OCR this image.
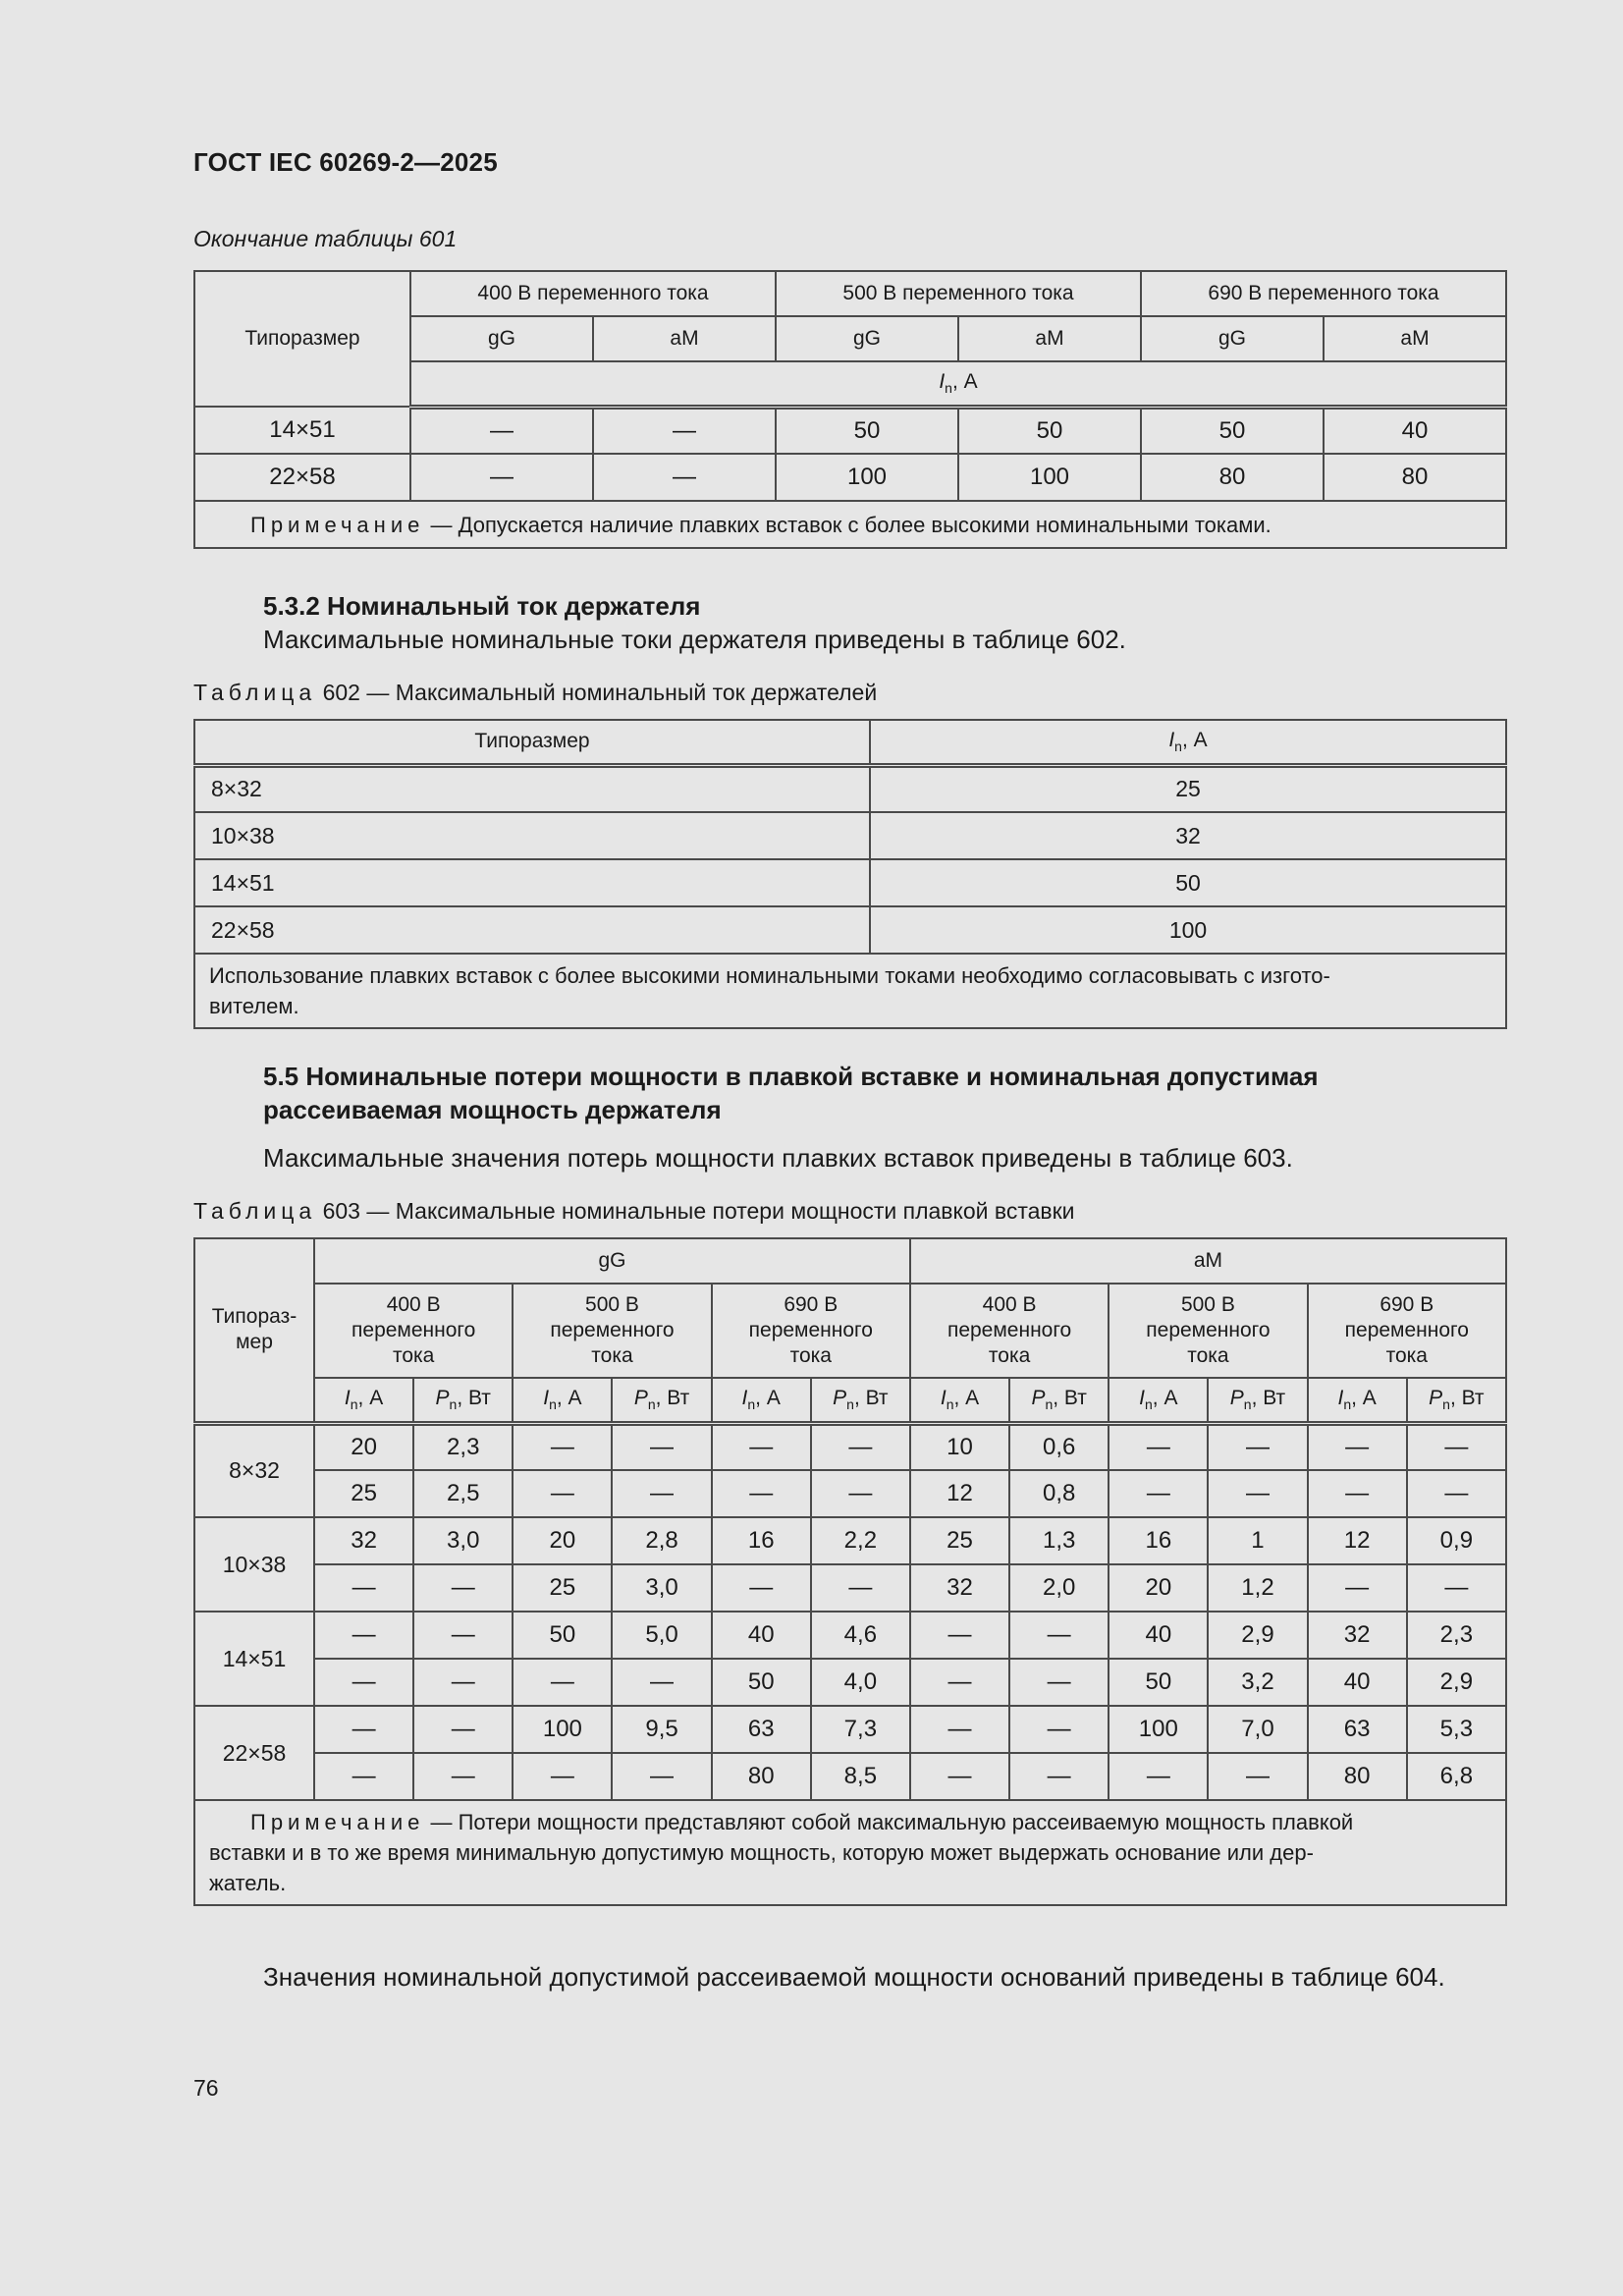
ГОСТ IEC 60269-2—2025
Окончание таблицы 601
Типоразмер	400 В переменного тока		500 В переменного тока		690 В переменного тока	
	gG	aM	gG	aM	gG	aM
	$I_n$, А					
14×51	—	—	50	50	50	40
22×58	—	—	100	100	80	80

Примечание — Допускается наличие плавких вставок с более высокими номинальными токами.						
5.3.2 Номинальный ток держателя
Максимальные номинальные токи держателя приведены в таблице 602.
Таблица 602 — Максимальный номинальный ток держателей
Типоразмер	$I_n$, А
8×32	25
10×38	32
14×51	50
22×58	100

Использование плавких вставок с более высокими номинальными токами необходимо согласовывать с изгото-
вителем.	
5.5 Номинальные потери мощности в плавкой вставке и номинальная допустимая
рассеиваемая мощность держателя
Максимальные значения потерь мощности плавких вставок приведены в таблице 603.
Таблица 603 — Максимальные номинальные потери мощности плавкой вставки
Типораз-
мер	gG						aM					
	400 В
переменного
тока		500 В
переменного
тока		690 В
переменного
тока		400 В
переменного
тока		500 В
переменного
тока		690 В
переменного
тока	
	$I_n$, А	$P_n$, Вт	$I_n$, А	$P_n$, Вт	$I_n$, А	$P_n$, Вт	$I_n$, А	$P_n$, Вт	$I_n$, А	$P_n$, Вт	$I_n$, А	$P_n$, Вт
8×32	20	2,3	—	—	—	—	10	0,6	—	—	—	—
	25	2,5	—	—	—	—	12	0,8	—	—	—	—
10×38	32	3,0	20	2,8	16	2,2	25	1,3	16	1	12	0,9
	—	—	25	3,0	—	—	32	2,0	20	1,2	—	—
14×51	—	—	50	5,0	40	4,6	—	—	40	2,9	32	2,3
	—	—	—	—	50	4,0	—	—	50	3,2	40	2,9
22×58	—	—	100	9,5	63	7,3	—	—	100	7,0	63	5,3
	—	—	—	—	80	8,5	—	—	—	—	80	6,8

Примечание — Потери мощности представляют собой максимальную рассеиваемую мощность плавкой
вставки и в то же время минимальную допустимую мощность, которую может выдержать основание или дер-
жатель.												
Значения номинальной допустимой рассеиваемой мощности оснований приведены в таблице 604.
76
